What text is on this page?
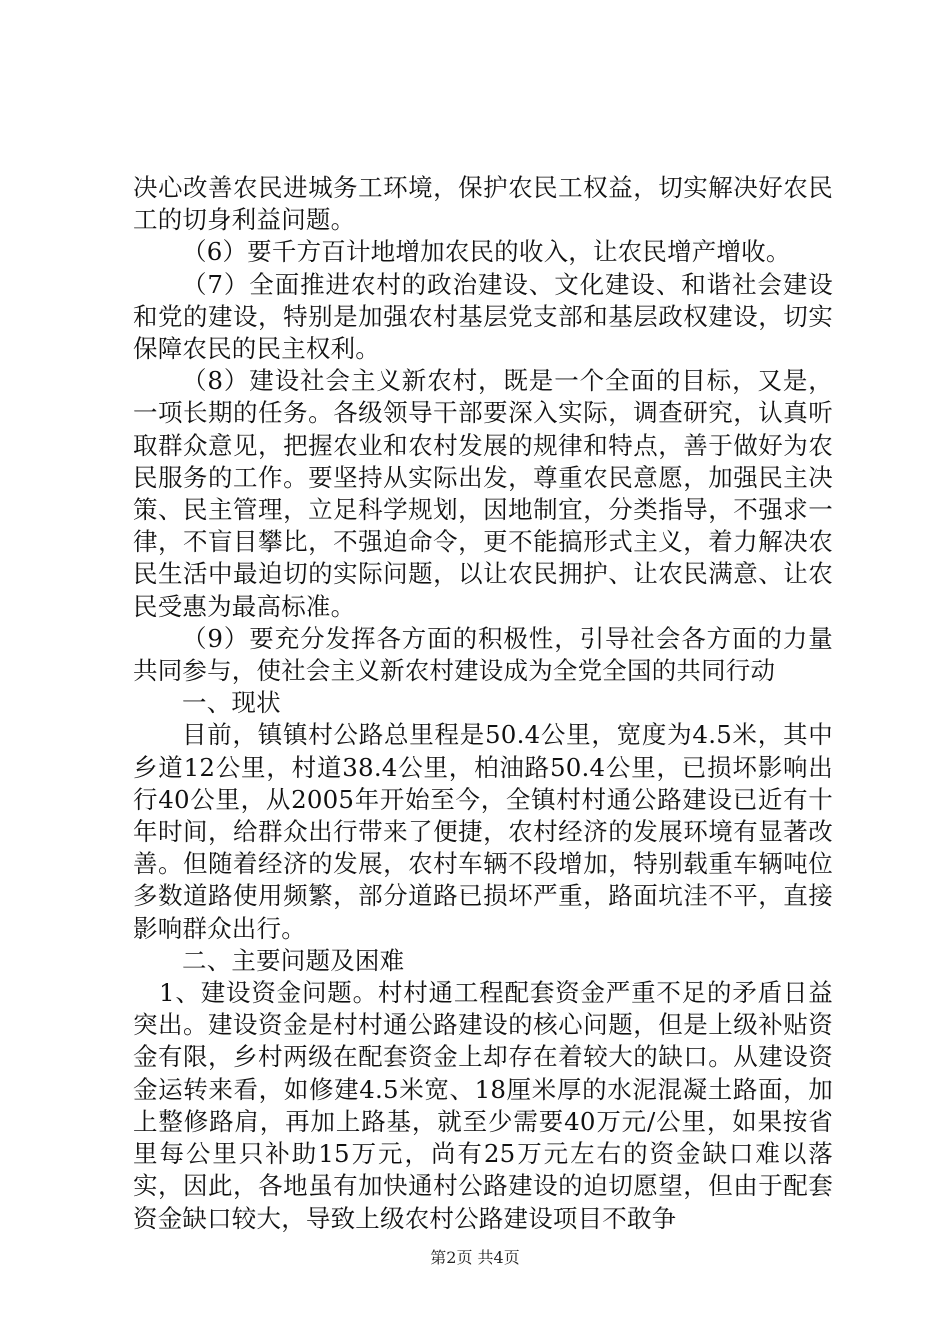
决心改善农民进城务工环境，保护农民工权益，切实解决好农民工的切身利益问题。

（6）要千方百计地增加农民的收入，让农民增产增收。

（7）全面推进农村的政治建设、文化建设、和谐社会建设和党的建设，特别是加强农村基层党支部和基层政权建设，切实保障农民的民主权利。

（8）建设社会主义新农村，既是一个全面的目标，又是，一项长期的任务。各级领导干部要深入实际，调查研究，认真听取群众意见，把握农业和农村发展的规律和特点，善于做好为农民服务的工作。要坚持从实际出发，尊重农民意愿，加强民主决策、民主管理，立足科学规划，因地制宜，分类指导，不强求一律，不盲目攀比，不强迫命令，更不能搞形式主义，着力解决农民生活中最迫切的实际问题，以让农民拥护、让农民满意、让农民受惠为最高标准。

（9）要充分发挥各方面的积极性，引导社会各方面的力量共同参与，使社会主义新农村建设成为全党全国的共同行动

一、现状

目前，镇镇村公路总里程是50.4公里，宽度为4.5米，其中乡道12公里，村道38.4公里，柏油路50.4公里，已损坏影响出行40公里，从2005年开始至今，全镇村村通公路建设已近有十年时间，给群众出行带来了便捷，农村经济的发展环境有显著改善。但随着经济的发展，农村车辆不段增加，特别载重车辆吨位多数道路使用频繁，部分道路已损坏严重，路面坑洼不平，直接影响群众出行。

二、主要问题及困难

1、建设资金问题。村村通工程配套资金严重不足的矛盾日益突出。建设资金是村村通公路建设的核心问题，但是上级补贴资金有限，乡村两级在配套资金上却存在着较大的缺口。从建设资金运转来看，如修建4.5米宽、18厘米厚的水泥混凝土路面，加上整修路肩，再加上路基，就至少需要40万元/公里，如果按省里每公里只补助15万元，尚有25万元左右的资金缺口难以落实，因此，各地虽有加快通村公路建设的迫切愿望，但由于配套资金缺口较大，导致上级农村公路建设项目不敢争

第2页 共4页
